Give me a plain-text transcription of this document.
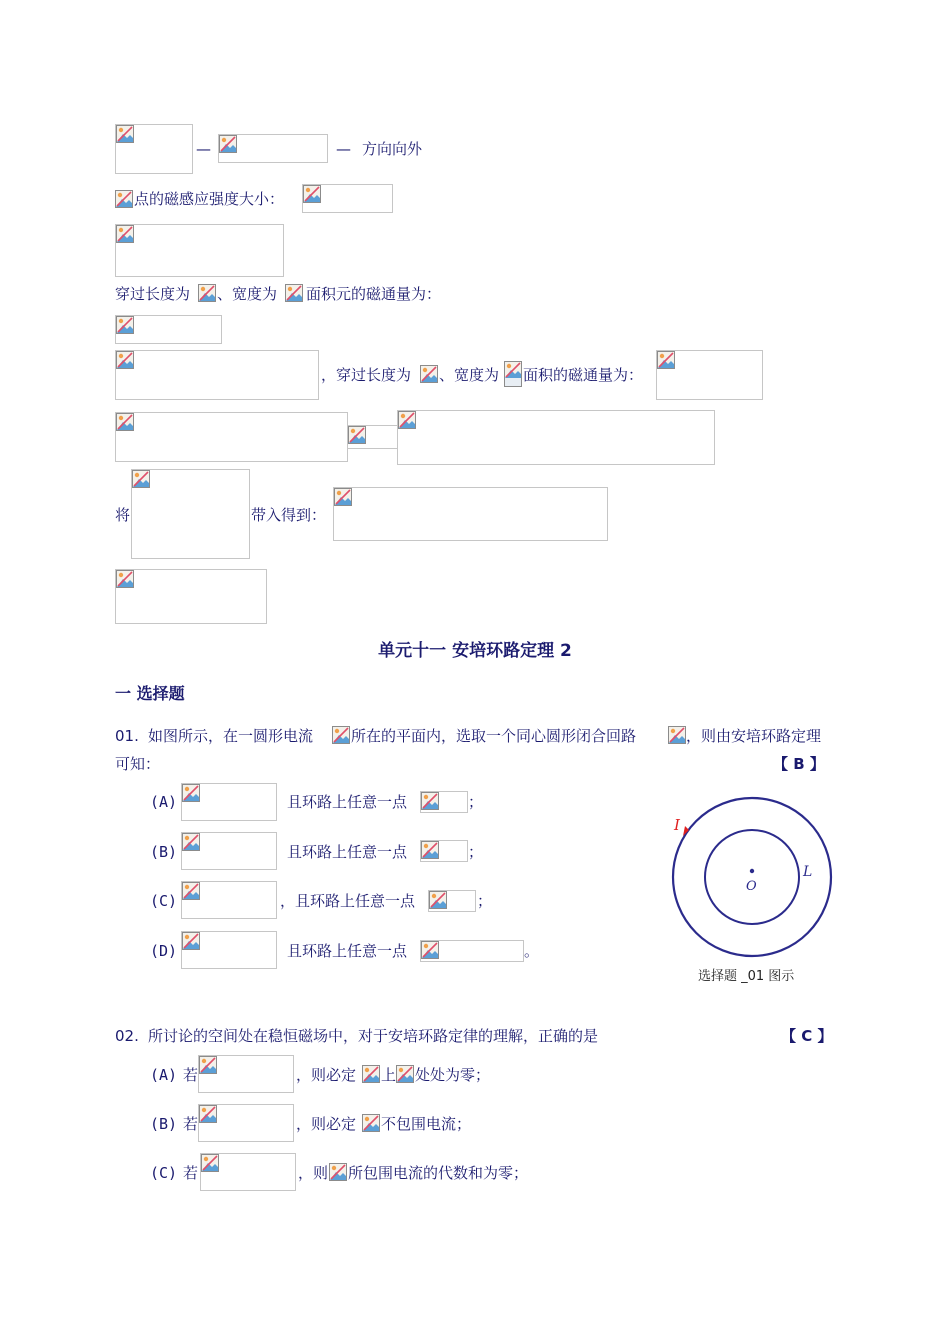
—	— 方向向外
点的磁感应强度大小：
穿过长度为 、宽度为 面积元的磁通量为：
，穿过长度为 、宽度为 面积的磁通量为：
将	带入得到：
单元十一 安培环路定理 2
一 选择题
01. 如图所示，在一圆形电流	所在的平面内，选取一个同心圆形闭合回路	，则由安培环路定理
可知：	【 B 】
(A)	且环路上任意一点	；
(B)	且环路上任意一点	；
(C)	，且环路上任意一点	；
(D)	且环路上任意一点	。
I
L
O
选择题 _01 图示
02. 所讨论的空间处在稳恒磁场中，对于安培环路定律的理解，正确的是	【 C 】
(A) 若	，则必定 上 处处为零；
(B) 若	，则必定 不包围电流；
(C) 若	，则 所包围电流的代数和为零；
